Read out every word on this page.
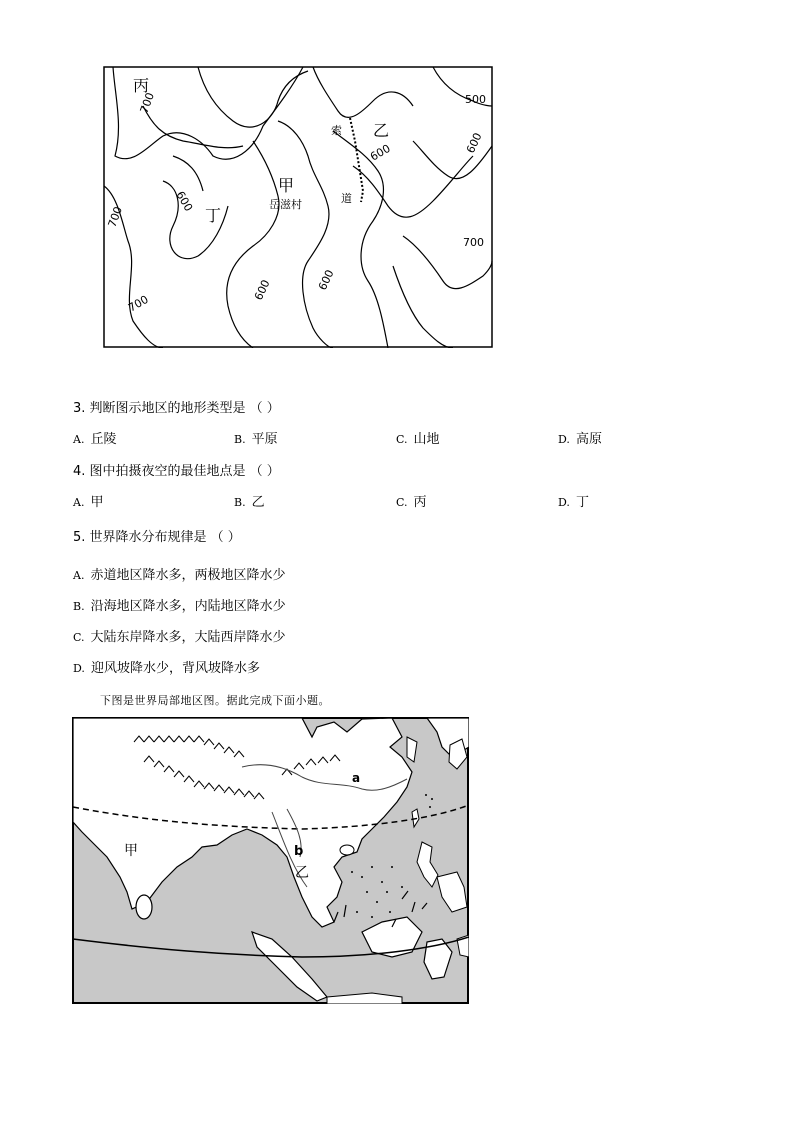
丙
甲
乙
丁
岳滋村
索
道
700
600
700
700
600	600
500
600	600
700
3. 判断图示地区的地形类型是 （ ）
A. 丘陵	B. 平原	C. 山地	D. 高原
4. 图中拍摄夜空的最佳地点是 （ ）
A. 甲	B. 乙	C. 丙	D. 丁
5. 世界降水分布规律是 （ ）
A. 赤道地区降水多，两极地区降水少
B. 沿海地区降水多，内陆地区降水少
C. 大陆东岸降水多，大陆西岸降水少
D. 迎风坡降水少，背风坡降水多
下图是世界局部地区图。据此完成下面小题。
甲
乙
a
b
